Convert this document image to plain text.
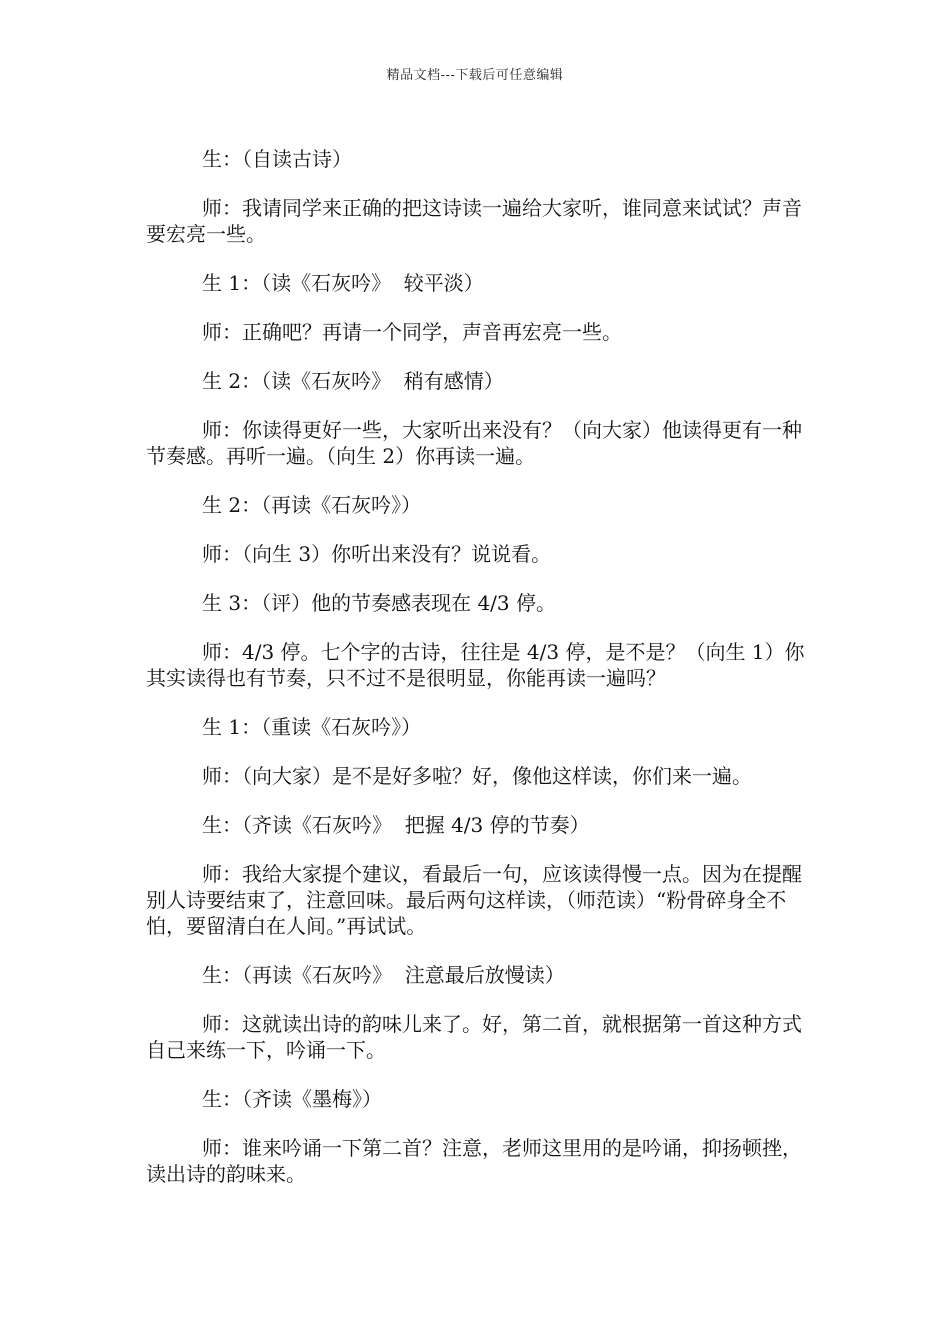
精品文档---下载后可任意编辑

生：（自读古诗）

师：我请同学来正确的把这诗读一遍给大家听，谁同意来试试？声音要宏亮一些。

生 1：（读《石灰吟》  较平淡）

师：正确吧？再请一个同学，声音再宏亮一些。

生 2：（读《石灰吟》  稍有感情）

师：你读得更好一些，大家听出来没有？（向大家）他读得更有一种节奏感。再听一遍。（向生 2）你再读一遍。

生 2：（再读《石灰吟》）

师：（向生 3）你听出来没有？说说看。

生 3：（评）他的节奏感表现在 4/3 停。

师：4/3 停。七个字的古诗，往往是 4/3 停，是不是？（向生 1）你其实读得也有节奏，只不过不是很明显，你能再读一遍吗？

生 1：（重读《石灰吟》）

师：（向大家）是不是好多啦？好，像他这样读，你们来一遍。

生：（齐读《石灰吟》  把握 4/3 停的节奏）

师：我给大家提个建议，看最后一句，应该读得慢一点。因为在提醒别人诗要结束了，注意回味。最后两句这样读，（师范读）“粉骨碎身全不怕，要留清白在人间。”再试试。

生：（再读《石灰吟》  注意最后放慢读）

师：这就读出诗的韵味儿来了。好，第二首，就根据第一首这种方式自己来练一下，吟诵一下。

生：（齐读《墨梅》）

师：谁来吟诵一下第二首？注意，老师这里用的是吟诵，抑扬顿挫，读出诗的韵味来。
